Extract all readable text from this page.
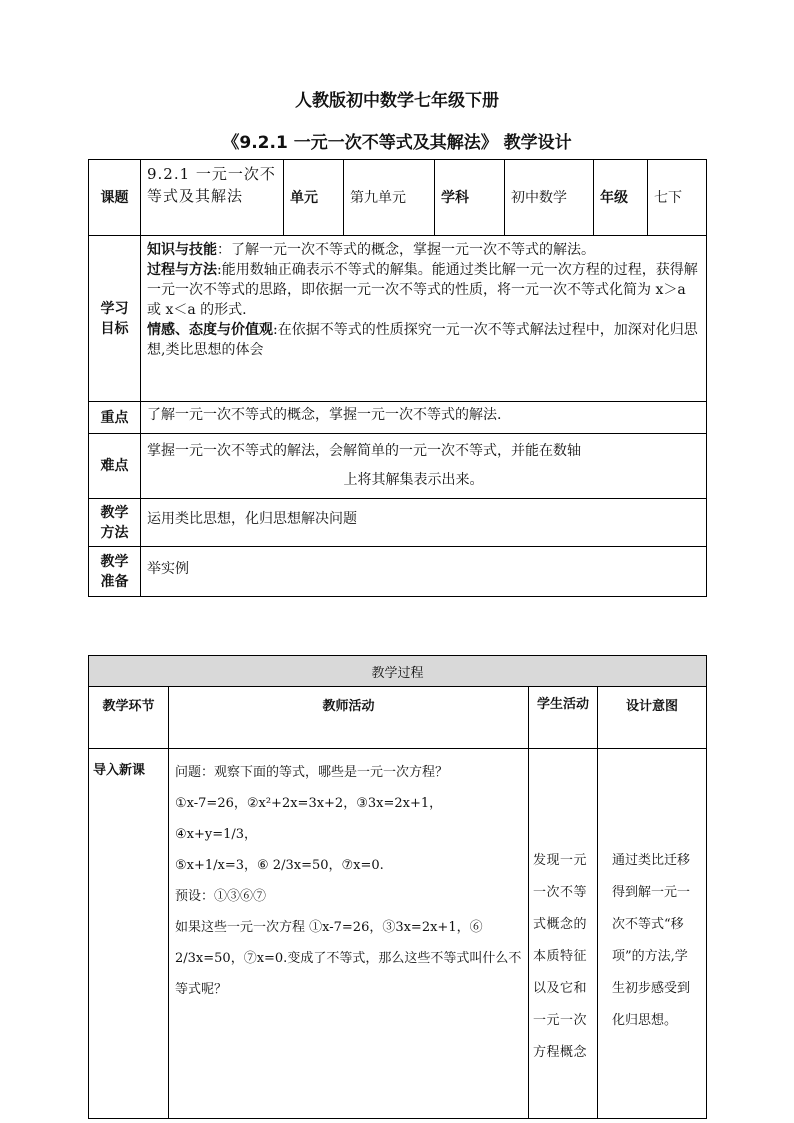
人教版初中数学七年级下册
《9.2.1 一元一次不等式及其解法》 教学设计
课题	9.2.1 一元一次不等式及其解法	单元	第九单元	学科	初中数学	年级	七下
学习目标	知识与技能：了解一元一次不等式的概念，掌握一元一次不等式的解法。
过程与方法:能用数轴正确表示不等式的解集。能通过类比解一元一次方程的过程，获得解一元一次不等式的思路，即依据一元一次不等式的性质，将一元一次不等式化简为 x＞a 或 x＜a 的形式.
情感、态度与价值观:在依据不等式的性质探究一元一次不等式解法过程中，加深对化归思想,类比思想的体会						

重点	了解一元一次不等式的概念，掌握一元一次不等式的解法.						
难点	掌握一元一次不等式的解法，会解简单的一元一次不等式，并能在数轴
上将其解集表示出来。						

教学方法	运用类比思想，化归思想解决问题						
教学准备	举实例						
教学过程			
教学环节	教师活动	学生活动	设计意图
导入新课	问题：观察下面的等式，哪些是一元一次方程？
①x-7=26，②x²+2x=3x+2，③3x=2x+1，④x+y=1/3，
⑤x+1/x=3，⑥ 2/3x=50，⑦x=0.
预设：①③⑥⑦
如果这些一元一次方程 ①x-7=26，③3x=2x+1，⑥ 2/3x=50，⑦x=0.变成了不等式，那么这些不等式叫什么不等式呢？	发现一元一次不等式概念的本质特征以及它和一元一次方程概念	通过类比迁移得到解一元一次不等式“移项”的方法,学生初步感受到化归思想。
